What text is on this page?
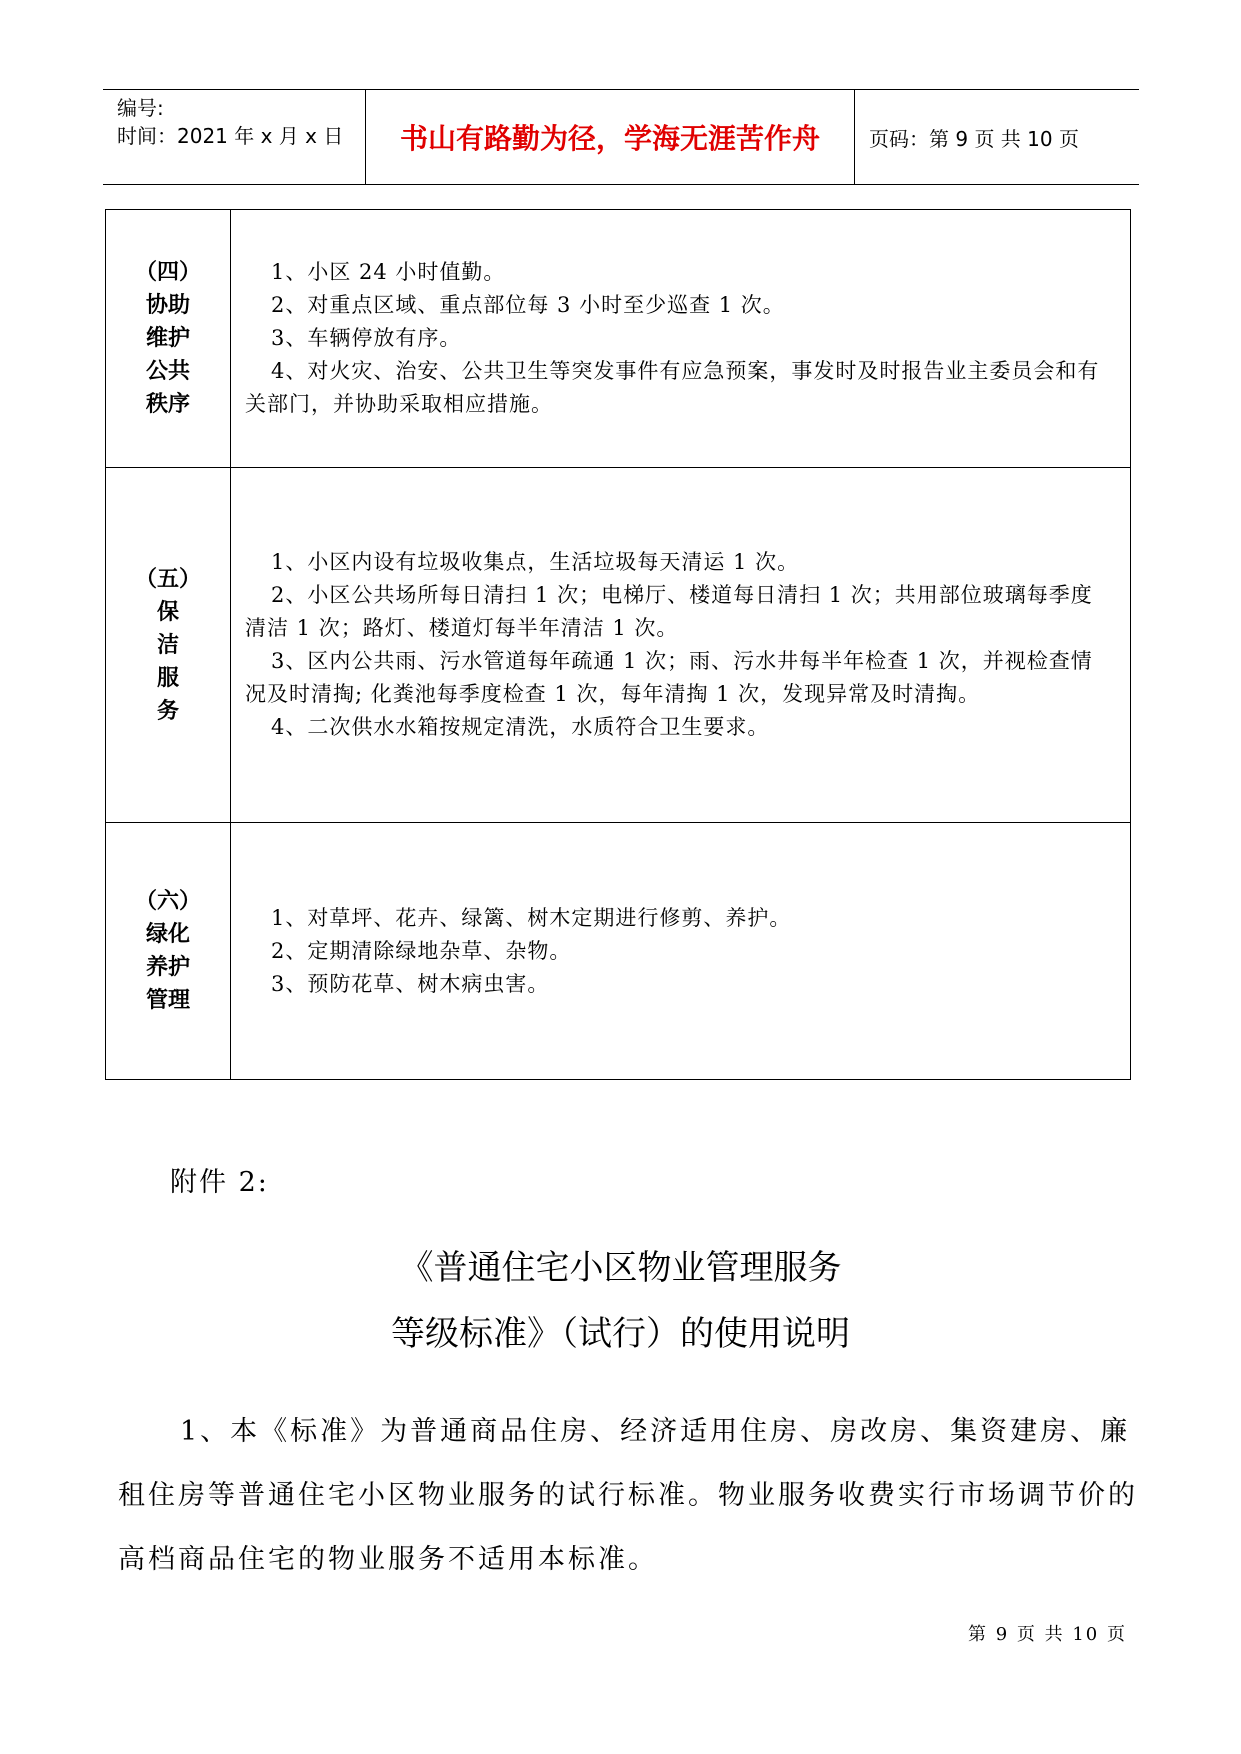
编号:
时间：2021 年 x 月 x 日	书山有路勤为径，学海无涯苦作舟	页码：第 9 页 共 10 页
（四）
协助
维护
公共
秩序
1、小区 24 小时值勤。
2、对重点区域、重点部位每 3 小时至少巡查 1 次。
3、车辆停放有序。
4、对火灾、治安、公共卫生等突发事件有应急预案，事发时及时报告业主委员会和有关部门，并协助采取相应措施。
（五）
保
洁
服
务
1、小区内设有垃圾收集点，生活垃圾每天清运 1 次。
2、小区公共场所每日清扫 1 次；电梯厅、楼道每日清扫 1 次；共用部位玻璃每季度清洁 1 次；路灯、楼道灯每半年清洁 1 次。
3、区内公共雨、污水管道每年疏通 1 次；雨、污水井每半年检查 1 次，并视检查情况及时清掏; 化粪池每季度检查 1 次，每年清掏 1 次，发现异常及时清掏。
4、二次供水水箱按规定清洗，水质符合卫生要求。
（六）
绿化
养护
管理
1、对草坪、花卉、绿篱、树木定期进行修剪、养护。
2、定期清除绿地杂草、杂物。
3、预防花草、树木病虫害。
附件 2:
《普通住宅小区物业管理服务
等级标准》（试行）的使用说明
1、本《标准》为普通商品住房、经济适用住房、房改房、集资建房、廉租住房等普通住宅小区物业服务的试行标准。物业服务收费实行市场调节价的高档商品住宅的物业服务不适用本标准。
第 9 页 共 10 页
